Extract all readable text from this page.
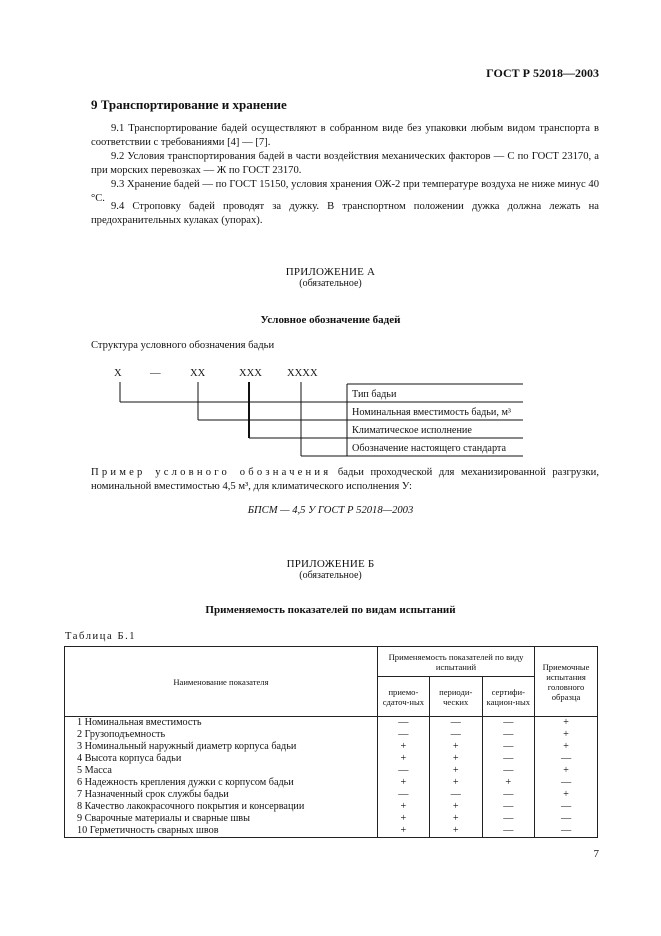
ГОСТ Р 52018—2003
9 Транспортирование и хранение

9.1 Транспортирование бадей осуществляют в собранном виде без упаковки любым видом транспорта в соответствии с требованиями [4] — [7].

9.2 Условия транспортирования бадей в части воздействия механических факторов — С по ГОСТ 23170, а при морских перевозках — Ж по ГОСТ 23170.

9.3 Хранение бадей — по ГОСТ 15150, условия хранения ОЖ-2 при температуре воздуха не ниже минус 40 °С.

9.4 Строповку бадей проводят за дужку. В транспортном положении дужка должна лежать на предохранительных кулаках (упорах).

ПРИЛОЖЕНИЕ А
(обязательное)
Условное обозначение бадей
Структура условного обозначения бадьи
Х	—	ХХ	ХХХ ХХХХ
Тип бадьи
Номинальная вместимость бадьи, м³
Климатическое исполнение
Обозначение настоящего стандарта

Пример условного обозначения бадьи проходческой для механизированной разгрузки, номинальной вместимостью 4,5 м³, для климатического исполнения У:

БПСМ — 4,5 У ГОСТ Р 52018—2003
ПРИЛОЖЕНИЕ Б
(обязательное)
Применяемость показателей по видам испытаний
Таблица Б.1
Наименование показателя	Применяемость показателей по виду испытаний			Приемочные испытания головного образца
	приемо-сдаточ-ных	периоди-ческих	сертифи-кацион-ных	
1 Номинальная вместимость	—	—	—	+
2 Грузоподъемность	—	—	—	+
3 Номинальный наружный диаметр корпуса бадьи	+	+	—	+
4 Высота корпуса бадьи	+	+	—	—
5 Масса	—	+	—	+
6 Надежность крепления дужки с корпусом бадьи	+	+	+	—
7 Назначенный срок службы бадьи	—	—	—	+
8 Качество лакокрасочного покрытия и консервации	+	+	—	—
9 Сварочные материалы и сварные швы	+	+	—	—
10 Герметичность сварных швов	+	+	—	—
7
